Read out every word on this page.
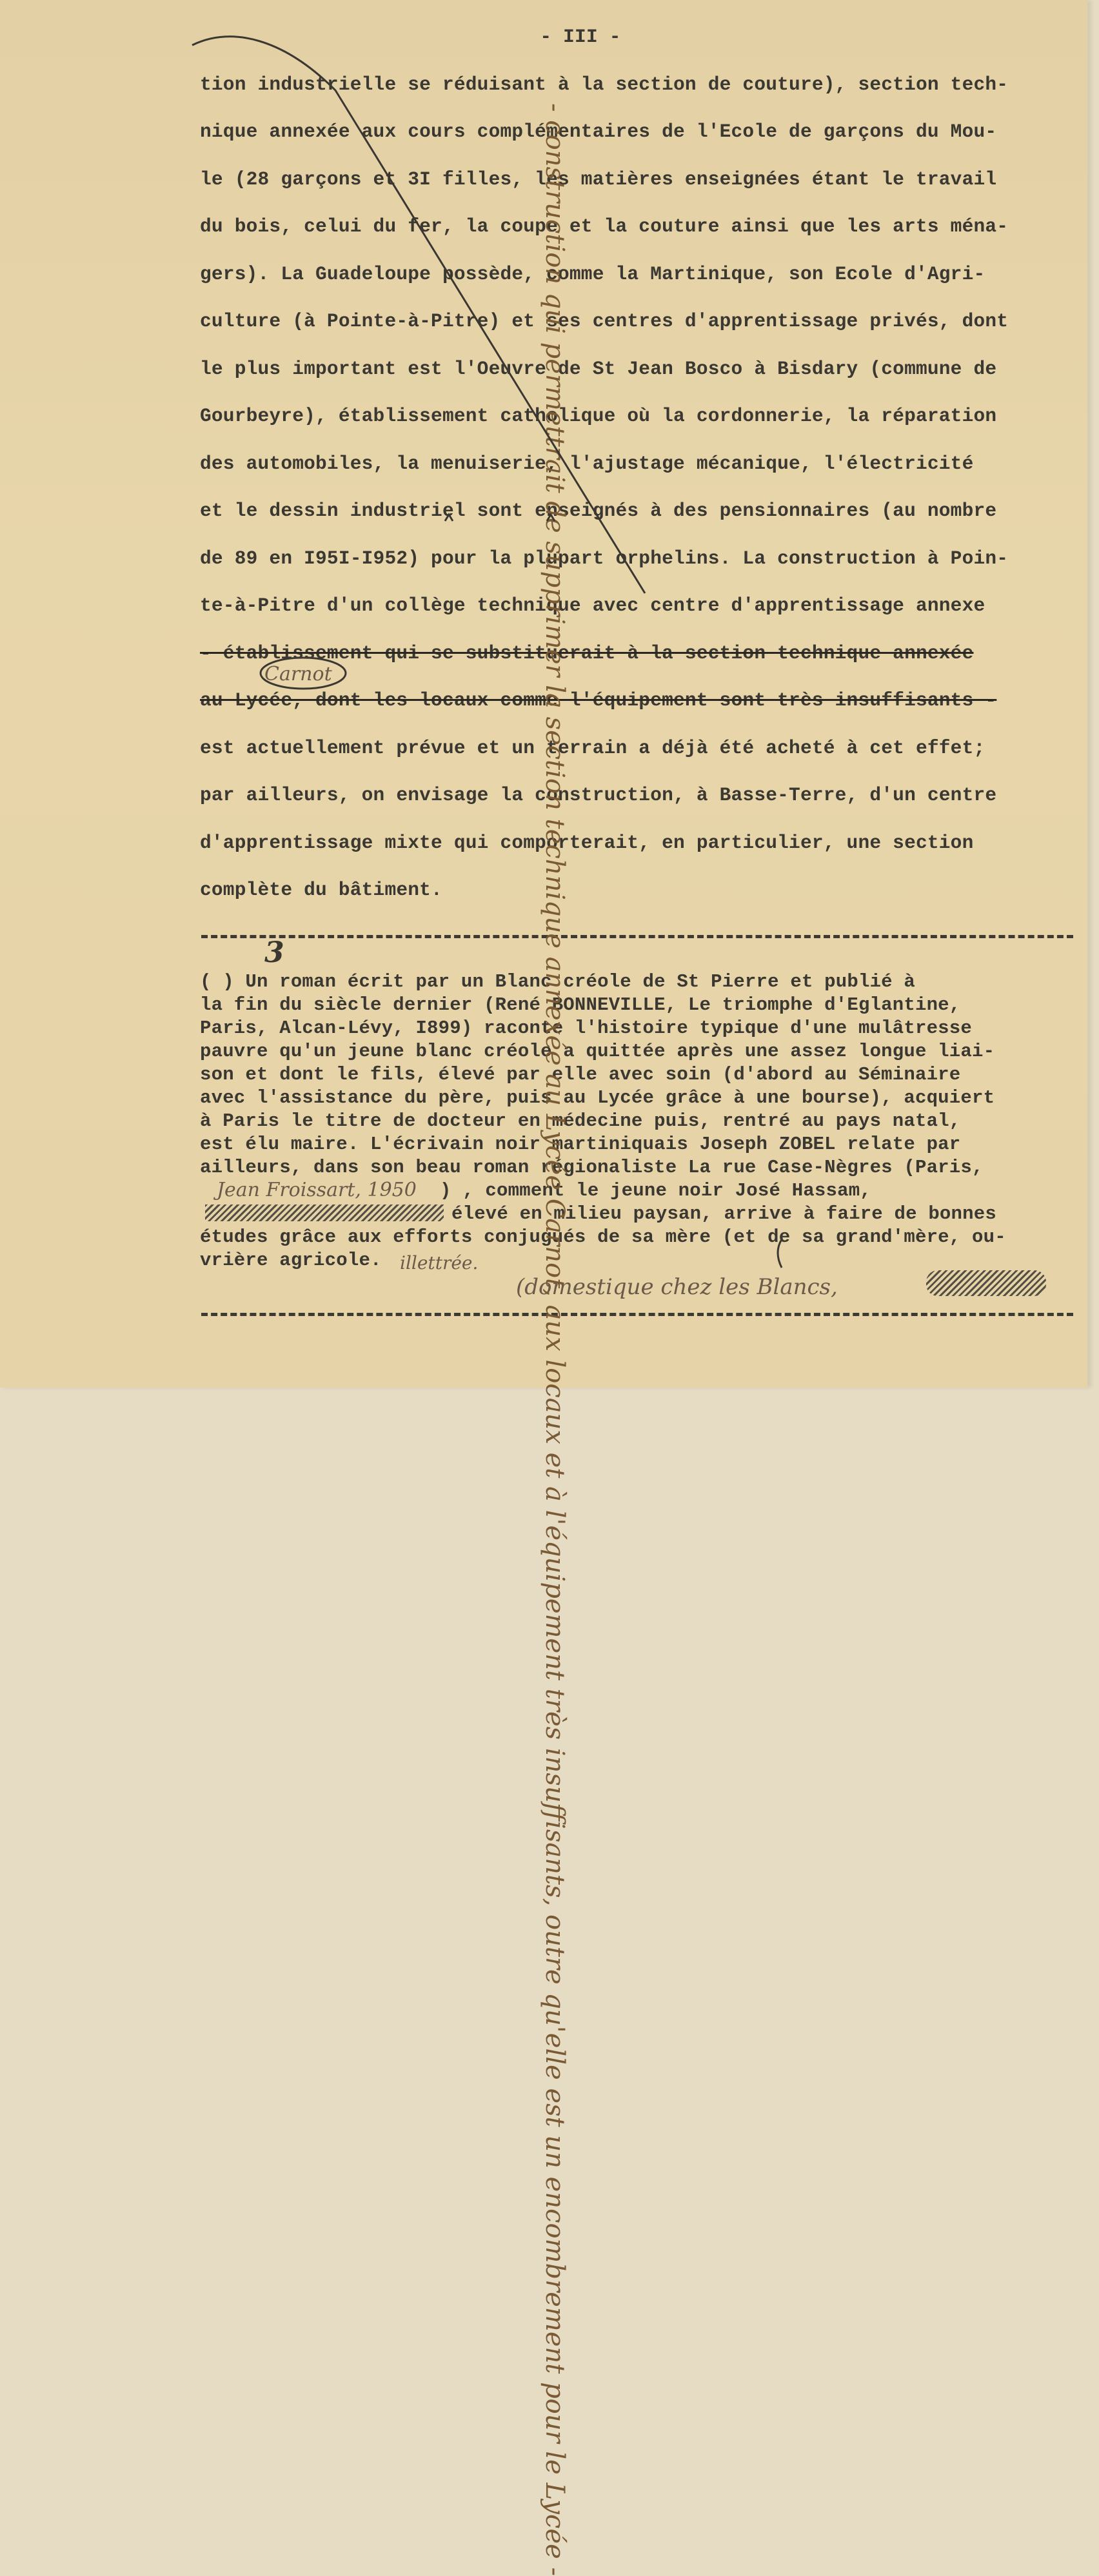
- III -
tion industrielle se réduisant à la section de couture), section tech-
nique annexée aux cours complémentaires de l'Ecole de garçons du Mou-
le (28 garçons et 3I filles, les matières enseignées étant le travail
du bois, celui du fer, la coupe et la couture ainsi que les arts ména-
gers). La Guadeloupe possède, comme la Martinique, son Ecole d'Agri-
culture (à Pointe-à-Pitre) et ses centres d'apprentissage privés, dont
le plus important est l'Oeuvre de St Jean Bosco à Bisdary (commune de
Gourbeyre), établissement catholique où la cordonnerie, la réparation
des automobiles, la menuiserie, l'ajustage mécanique, l'électricité
et le dessin industriel sont enseignés à des pensionnaires (au nombre
de 89 en I95I-I952) pour la plupart orphelins. La construction à Poin-
te-à-Pitre d'un collège technique avec centre d'apprentissage annexe
- établissement qui se substituerait à la section technique annexée
au Lycée, dont les locaux comme l'équipement sont très insuffisants -
est actuellement prévue et un terrain a déjà été acheté à cet effet;
par ailleurs, on envisage la construction, à Basse-Terre, d'un centre
d'apprentissage mixte qui comporterait, en particulier, une section
complète du bâtiment.
( ) Un roman écrit par un Blanc créole de St Pierre et publié à
la fin du siècle dernier (René BONNEVILLE, Le triomphe d'Eglantine,
Paris, Alcan-Lévy, I899) raconte l'histoire typique d'une mulâtresse
pauvre qu'un jeune blanc créole a quittée après une assez longue liai-
son et dont le fils, élevé par elle avec soin (d'abord au Séminaire
avec l'assistance du père, puis au Lycée grâce à une bourse), acquiert
à Paris le titre de docteur en médecine puis, rentré au pays natal,
est élu maire. L'écrivain noir martiniquais Joseph ZOBEL relate par
ailleurs, dans son beau roman régionaliste La rue Case-Nègres (Paris,
) , comment le jeune noir José Hassam,
élevé en milieu paysan, arrive à faire de bonnes
études grâce aux efforts conjugués de sa mère (et de sa grand'mère, ou-
vrière agricole.
3
Carnot
Jean Froissart, 1950
illettrée.
(domestique chez les Blancs,
- construction qui permettrait de supprimer la section technique annexée au Lycée Carnot, aux locaux et à l'équipement très insuffisants, outre qu'elle est un encombrement pour le Lycée -
